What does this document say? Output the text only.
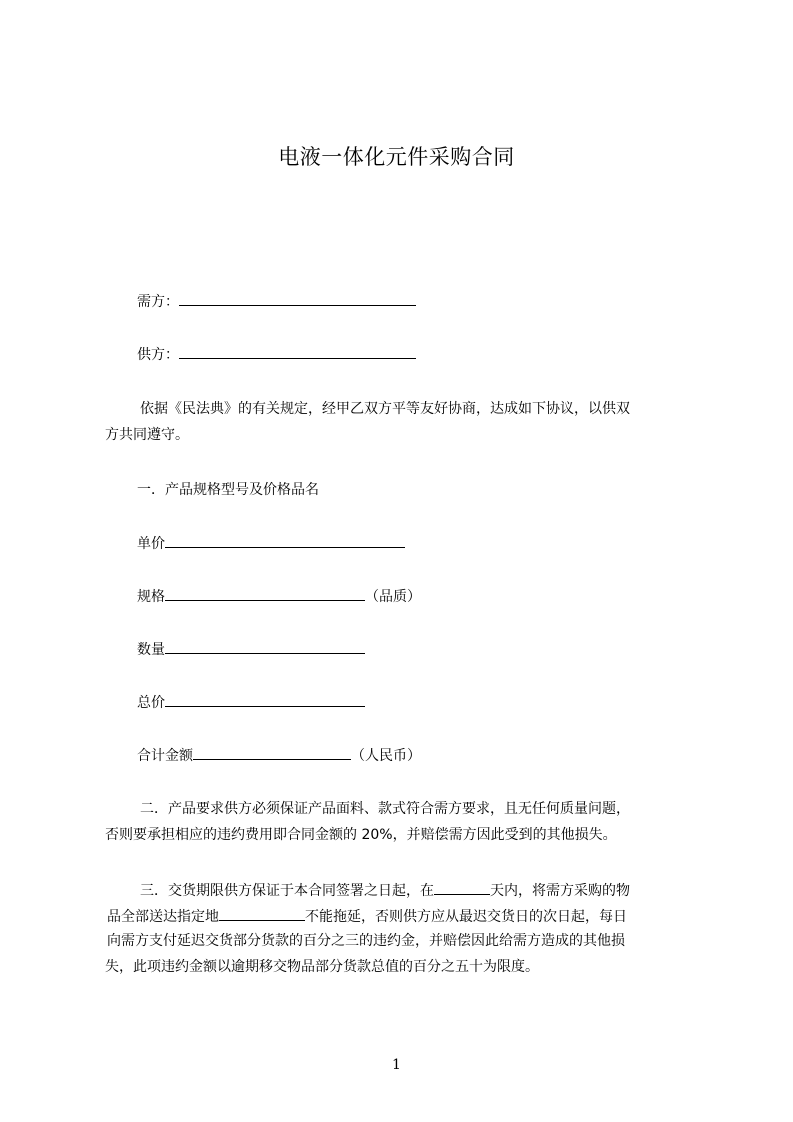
电液一体化元件采购合同
需方：
供方：
依据《民法典》的有关规定，经甲乙双方平等友好协商，达成如下协议，以供双
方共同遵守。
一．产品规格型号及价格品名
单价
规格	（品质）
数量
总价
合计金额	（人民币）
二．产品要求供方必须保证产品面料、款式符合需方要求，且无任何质量问题，
否则要承担相应的违约费用即合同金额的 20%，并赔偿需方因此受到的其他损失。
三．交货期限供方保证于本合同签署之日起，在	天内，将需方采购的物
品全部送达指定地	不能拖延，否则供方应从最迟交货日的次日起，每日
向需方支付延迟交货部分货款的百分之三的违约金，并赔偿因此给需方造成的其他损
失，此项违约金额以逾期移交物品部分货款总值的百分之五十为限度。
1
